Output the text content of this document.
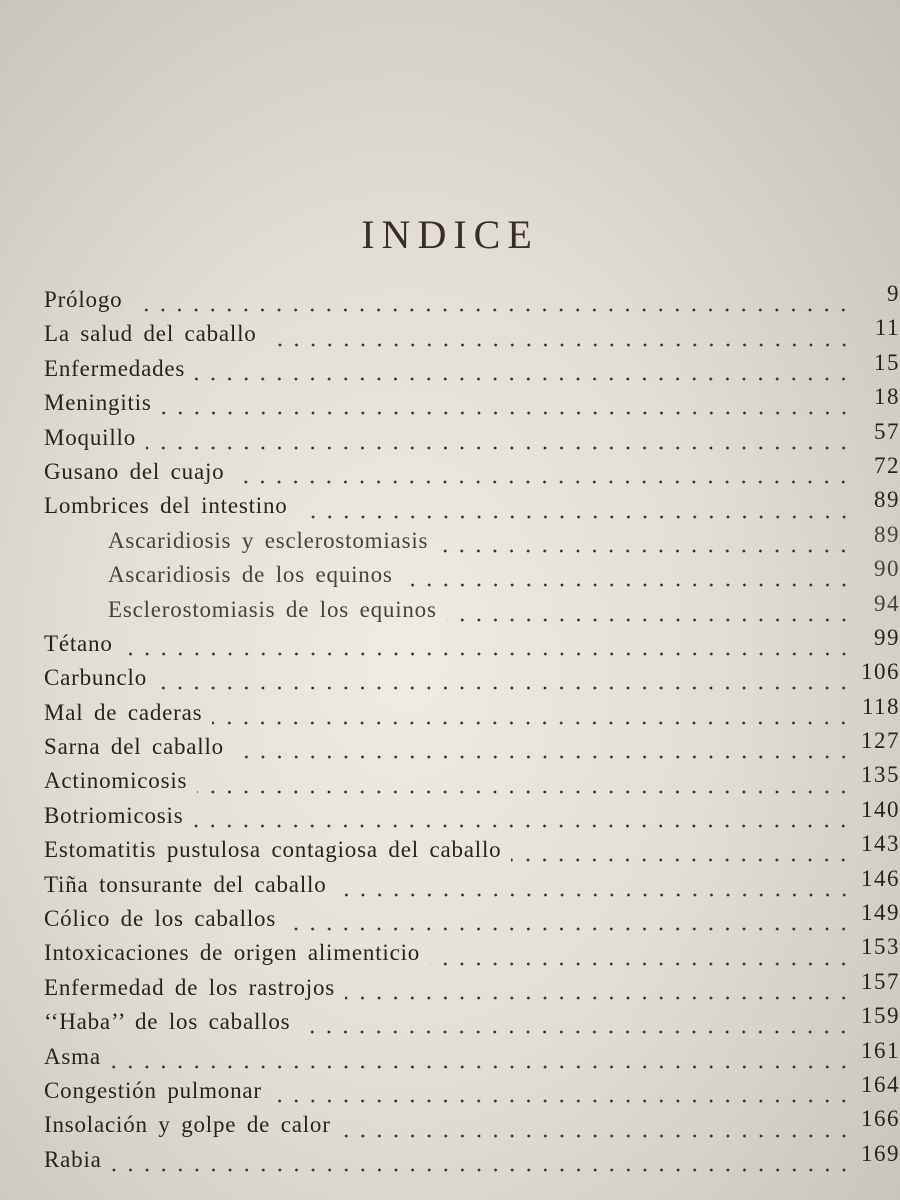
INDICE
Prólogo	9
La salud del caballo	11
Enfermedades	15
Meningitis	18
Moquillo	57
Gusano del cuajo	72
Lombrices del intestino	89
Ascaridiosis y esclerostomiasis	89
Ascaridiosis de los equinos	90
Esclerostomiasis de los equinos	94
Tétano	99
Carbunclo	106
Mal de caderas	118
Sarna del caballo	127
Actinomicosis	135
Botriomicosis	140
Estomatitis pustulosa contagiosa del caballo	143
Tiña tonsurante del caballo	146
Cólico de los caballos	149
Intoxicaciones de origen alimenticio	153
Enfermedad de los rastrojos	157
‘‘Haba’’ de los caballos	159
Asma	161
Congestión pulmonar	164
Insolación y golpe de calor	166
Rabia	169
